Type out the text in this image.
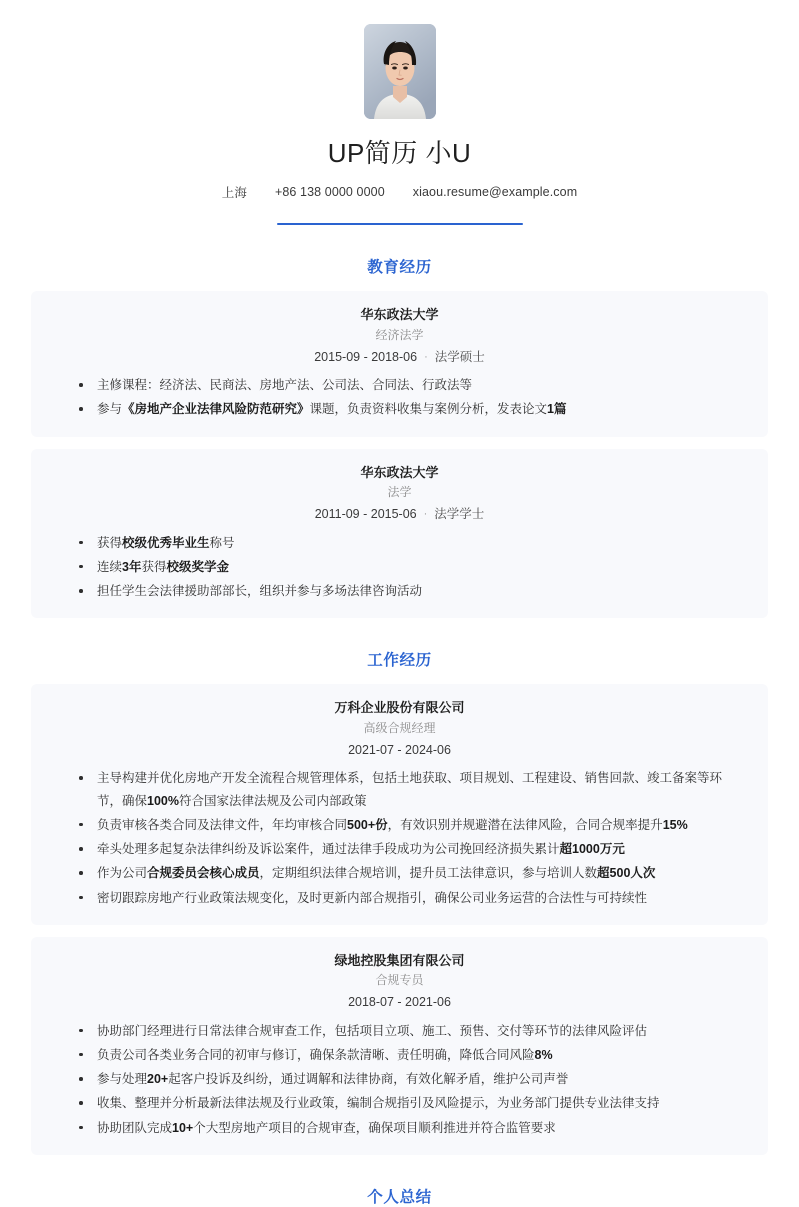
UP简历 小U
上海 +86 138 0000 0000 xiaou.resume@example.com
教育经历
华东政法大学
经济法学
2015-09 - 2018-06 · 法学硕士
主修课程：经济法、民商法、房地产法、公司法、合同法、行政法等
参与《房地产企业法律风险防范研究》课题，负责资料收集与案例分析，发表论文1篇
华东政法大学
法学
2011-09 - 2015-06 · 法学学士
获得校级优秀毕业生称号
连续3年获得校级奖学金
担任学生会法律援助部部长，组织并参与多场法律咨询活动
工作经历
万科企业股份有限公司
高级合规经理
2021-07 - 2024-06
主导构建并优化房地产开发全流程合规管理体系，包括土地获取、项目规划、工程建设、销售回款、竣工备案等环节，确保100%符合国家法律法规及公司内部政策
负责审核各类合同及法律文件，年均审核合同500+份，有效识别并规避潜在法律风险，合同合规率提升15%
牵头处理多起复杂法律纠纷及诉讼案件，通过法律手段成功为公司挽回经济损失累计超1000万元
作为公司合规委员会核心成员，定期组织法律合规培训，提升员工法律意识，参与培训人数超500人次
密切跟踪房地产行业政策法规变化，及时更新内部合规指引，确保公司业务运营的合法性与可持续性
绿地控股集团有限公司
合规专员
2018-07 - 2021-06
协助部门经理进行日常法律合规审查工作，包括项目立项、施工、预售、交付等环节的法律风险评估
负责公司各类业务合同的初审与修订，确保条款清晰、责任明确，降低合同风险8%
参与处理20+起客户投诉及纠纷，通过调解和法律协商，有效化解矛盾，维护公司声誉
收集、整理并分析最新法律法规及行业政策，编制合规指引及风险提示，为业务部门提供专业法律支持
协助团队完成10+个大型房地产项目的合规审查，确保项目顺利推进并符合监管要求
个人总结
